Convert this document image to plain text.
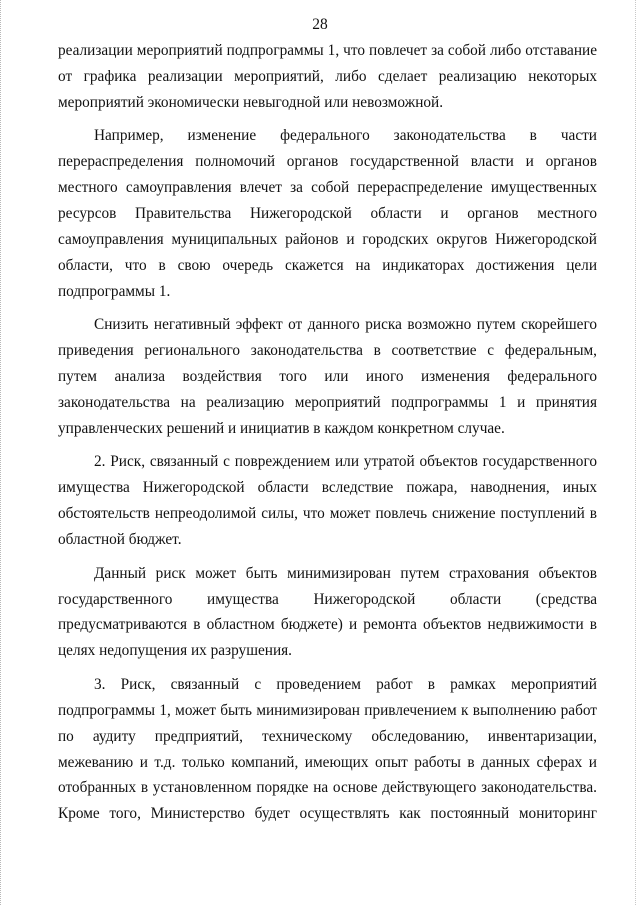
28
реализации мероприятий подпрограммы 1, что повлечет за собой либо отставание
от графика реализации мероприятий, либо сделает реализацию некоторых
мероприятий экономически невыгодной или невозможной.
Например, изменение федерального законодательства в части
перераспределения полномочий органов государственной власти и органов
местного самоуправления влечет за собой перераспределение имущественных
ресурсов Правительства Нижегородской области и органов местного
самоуправления муниципальных районов и городских округов Нижегородской
области, что в свою очередь скажется на индикаторах достижения цели
подпрограммы 1.
Снизить негативный эффект от данного риска возможно путем скорейшего
приведения регионального законодательства в соответствие с федеральным,
путем анализа воздействия того или иного изменения федерального
законодательства на реализацию мероприятий подпрограммы 1 и принятия
управленческих решений и инициатив в каждом конкретном случае.
2. Риск, связанный с повреждением или утратой объектов государственного
имущества Нижегородской области вследствие пожара, наводнения, иных
обстоятельств непреодолимой силы, что может повлечь снижение поступлений в
областной бюджет.
Данный риск может быть минимизирован путем страхования объектов
государственного имущества Нижегородской области (средства
предусматриваются в областном бюджете) и ремонта объектов недвижимости в
целях недопущения их разрушения.
3. Риск, связанный с проведением работ в рамках мероприятий
подпрограммы 1, может быть минимизирован привлечением к выполнению работ
по аудиту предприятий, техническому обследованию, инвентаризации,
межеванию и т.д. только компаний, имеющих опыт работы в данных сферах и
отобранных в установленном порядке на основе действующего законодательства.
Кроме того, Министерство будет осуществлять как постоянный мониторинг
